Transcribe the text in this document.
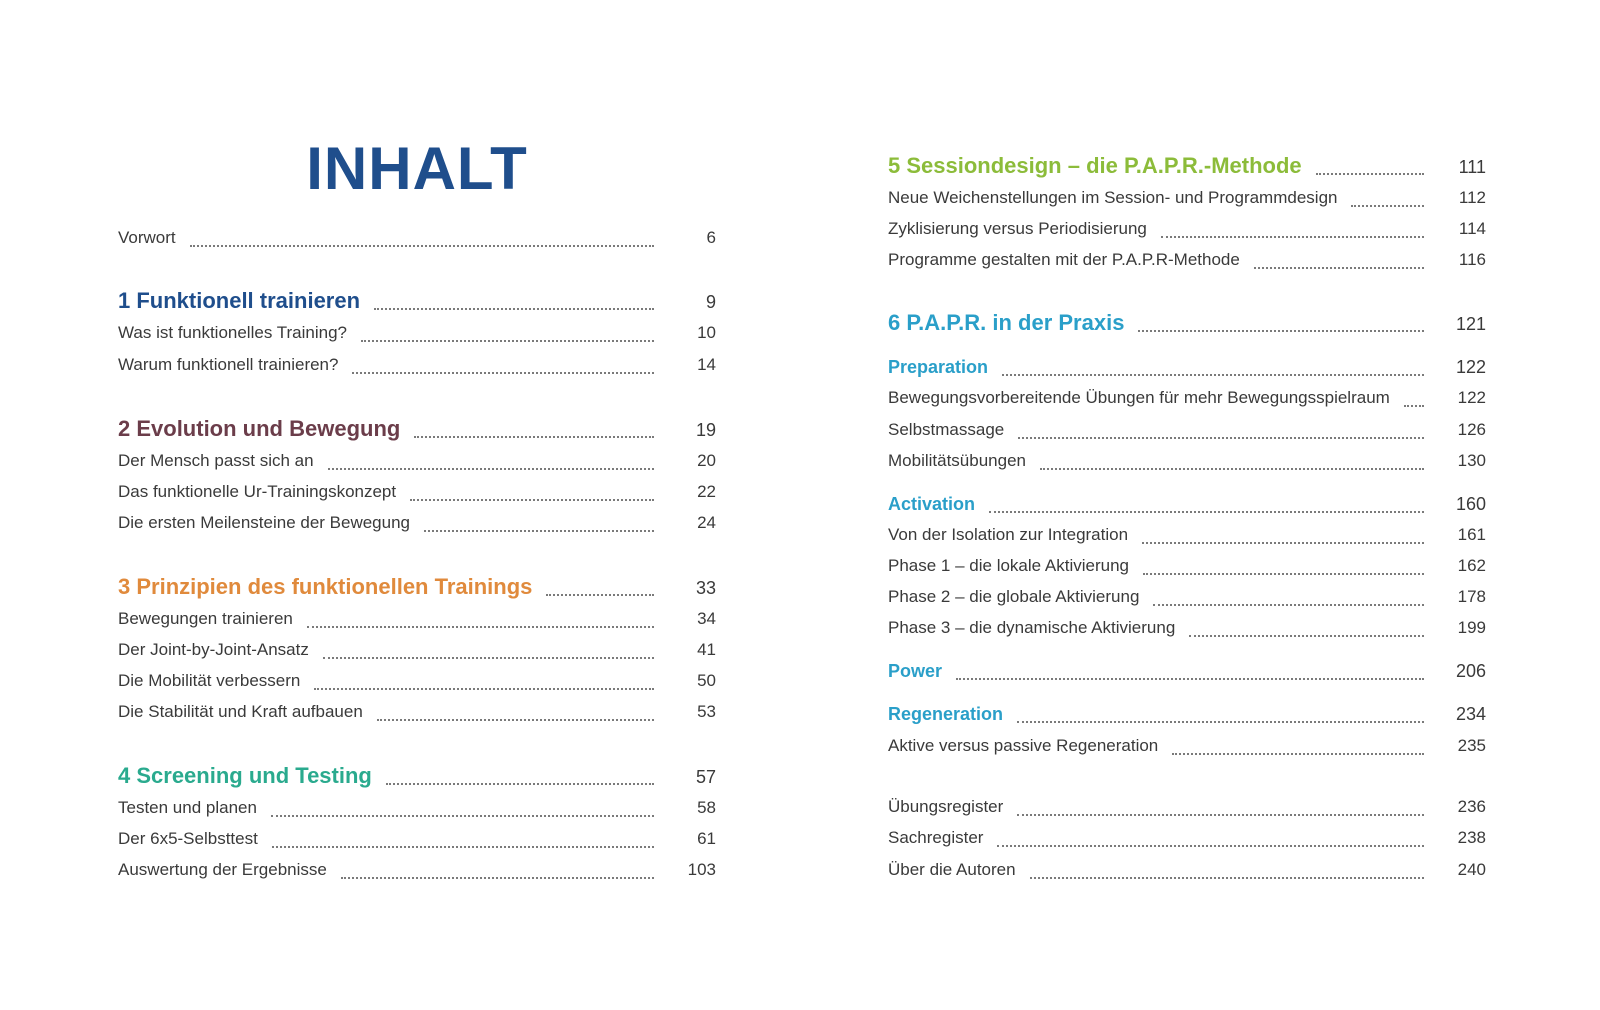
INHALT
Vorwort	6
1 Funktionell trainieren	9
Was ist funktionelles Training?	10
Warum funktionell trainieren?	14
2 Evolution und Bewegung	19
Der Mensch passt sich an	20
Das funktionelle Ur-Trainingskonzept	22
Die ersten Meilensteine der Bewegung	24
3 Prinzipien des funktionellen Trainings	33
Bewegungen trainieren	34
Der Joint-by-Joint-Ansatz	41
Die Mobilität verbessern	50
Die Stabilität und Kraft aufbauen	53
4 Screening und Testing	57
Testen und planen	58
Der 6x5-Selbsttest	61
Auswertung der Ergebnisse	103
5 Sessiondesign – die P.A.P.R.-Methode	111
Neue Weichenstellungen im Session- und Programmdesign	112
Zyklisierung versus Periodisierung	114
Programme gestalten mit der P.A.P.R-Methode	116
6 P.A.P.R. in der Praxis	121
Preparation	122
Bewegungsvorbereitende Übungen für mehr Bewegungsspielraum	122
Selbstmassage	126
Mobilitätsübungen	130
Activation	160
Von der Isolation zur Integration	161
Phase 1 – die lokale Aktivierung	162
Phase 2 – die globale Aktivierung	178
Phase 3 – die dynamische Aktivierung	199
Power	206
Regeneration	234
Aktive versus passive Regeneration	235
Übungsregister	236
Sachregister	238
Über die Autoren	240
